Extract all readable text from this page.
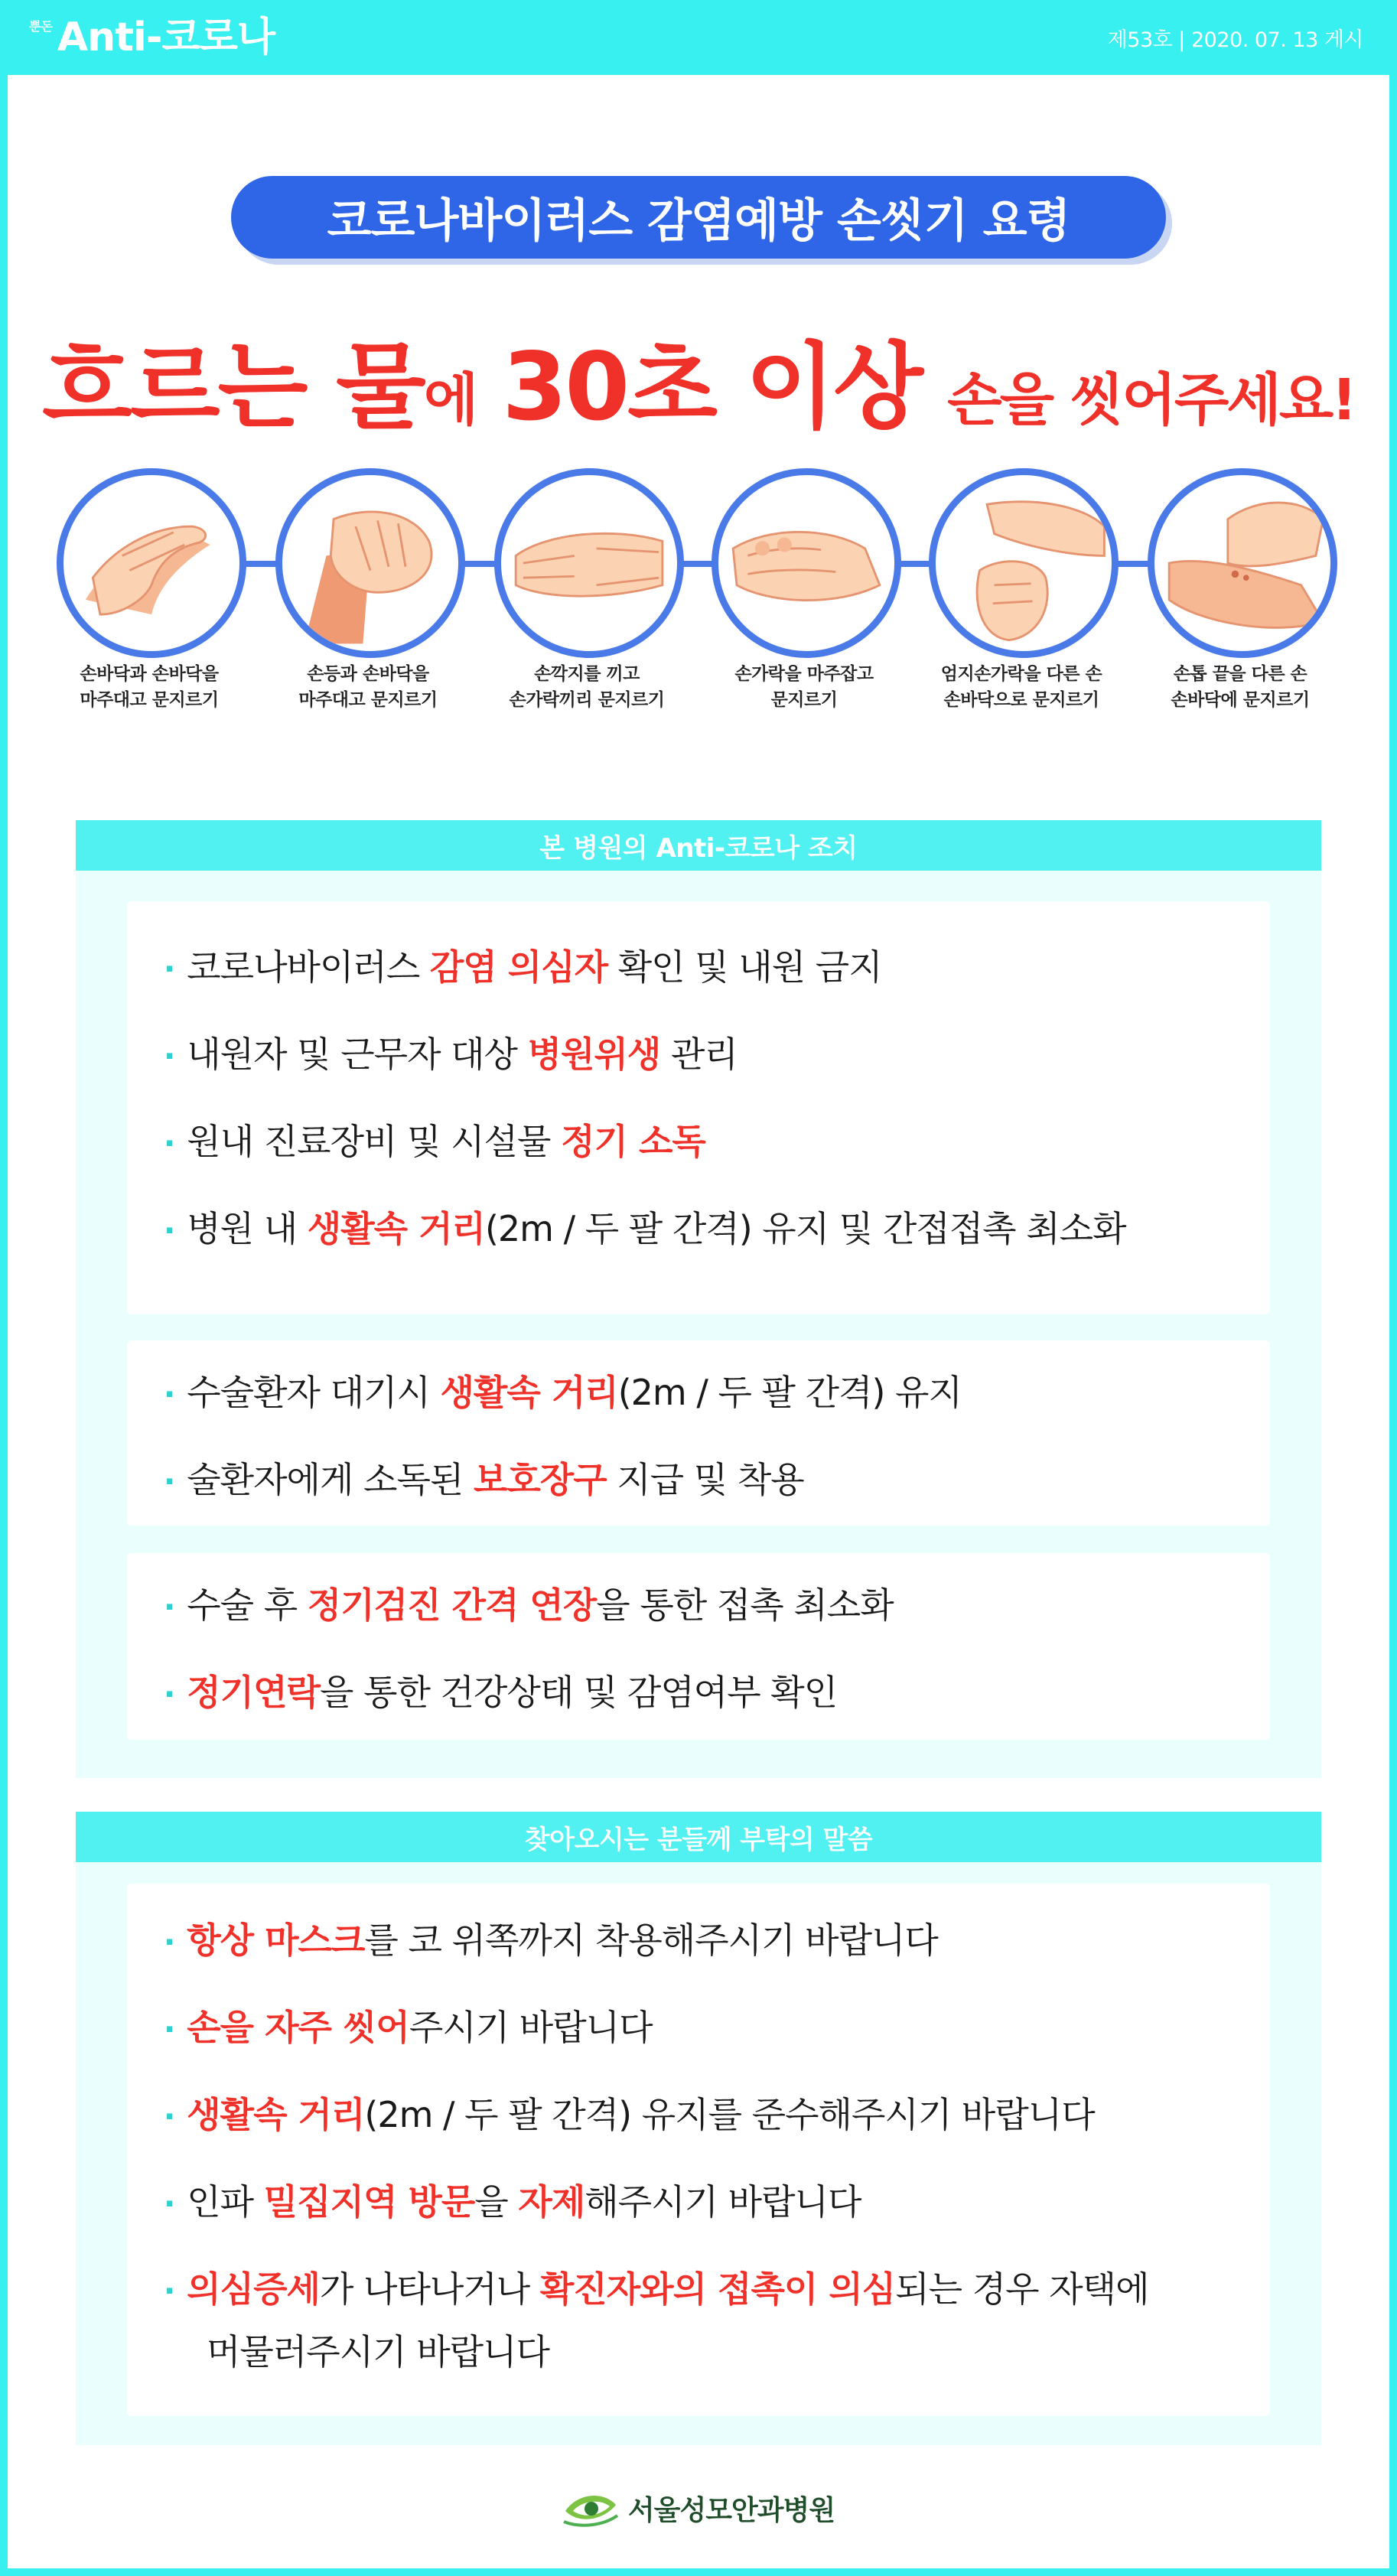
뿐돈 Anti-코로나	제53호 | 2020. 07. 13 게시
코로나바이러스 감염예방 손씻기 요령
흐르는 물 에 30초 이상 손을 씻어주세요!
손바닥과 손바닥을
마주대고 문지르기
손등과 손바닥을
마주대고 문지르기
손깍지를 끼고
손가락끼리 문지르기
손가락을 마주잡고
문지르기
엄지손가락을 다른 손
손바닥으로 문지르기
손톱 끝을 다른 손
손바닥에 문지르기
본 병원의 Anti-코로나 조치
· 코로나바이러스 감염 의심자 확인 및 내원 금지
· 내원자 및 근무자 대상 병원위생 관리
· 원내 진료장비 및 시설물 정기 소독
· 병원 내 생활속 거리(2m / 두 팔 간격) 유지 및 간접접촉 최소화
· 수술환자 대기시 생활속 거리(2m / 두 팔 간격) 유지
· 술환자에게 소독된 보호장구 지급 및 착용
· 수술 후 정기검진 간격 연장을 통한 접촉 최소화
· 정기연락을 통한 건강상태 및 감염여부 확인
찾아오시는 분들께 부탁의 말씀
· 항상 마스크를 코 위쪽까지 착용해주시기 바랍니다
· 손을 자주 씻어주시기 바랍니다
· 생활속 거리(2m / 두 팔 간격) 유지를 준수해주시기 바랍니다
· 인파 밀집지역 방문을 자제해주시기 바랍니다
· 의심증세가 나타나거나 확진자와의 접촉이 의심되는 경우 자택에
머물러주시기 바랍니다
서울성모안과병원
